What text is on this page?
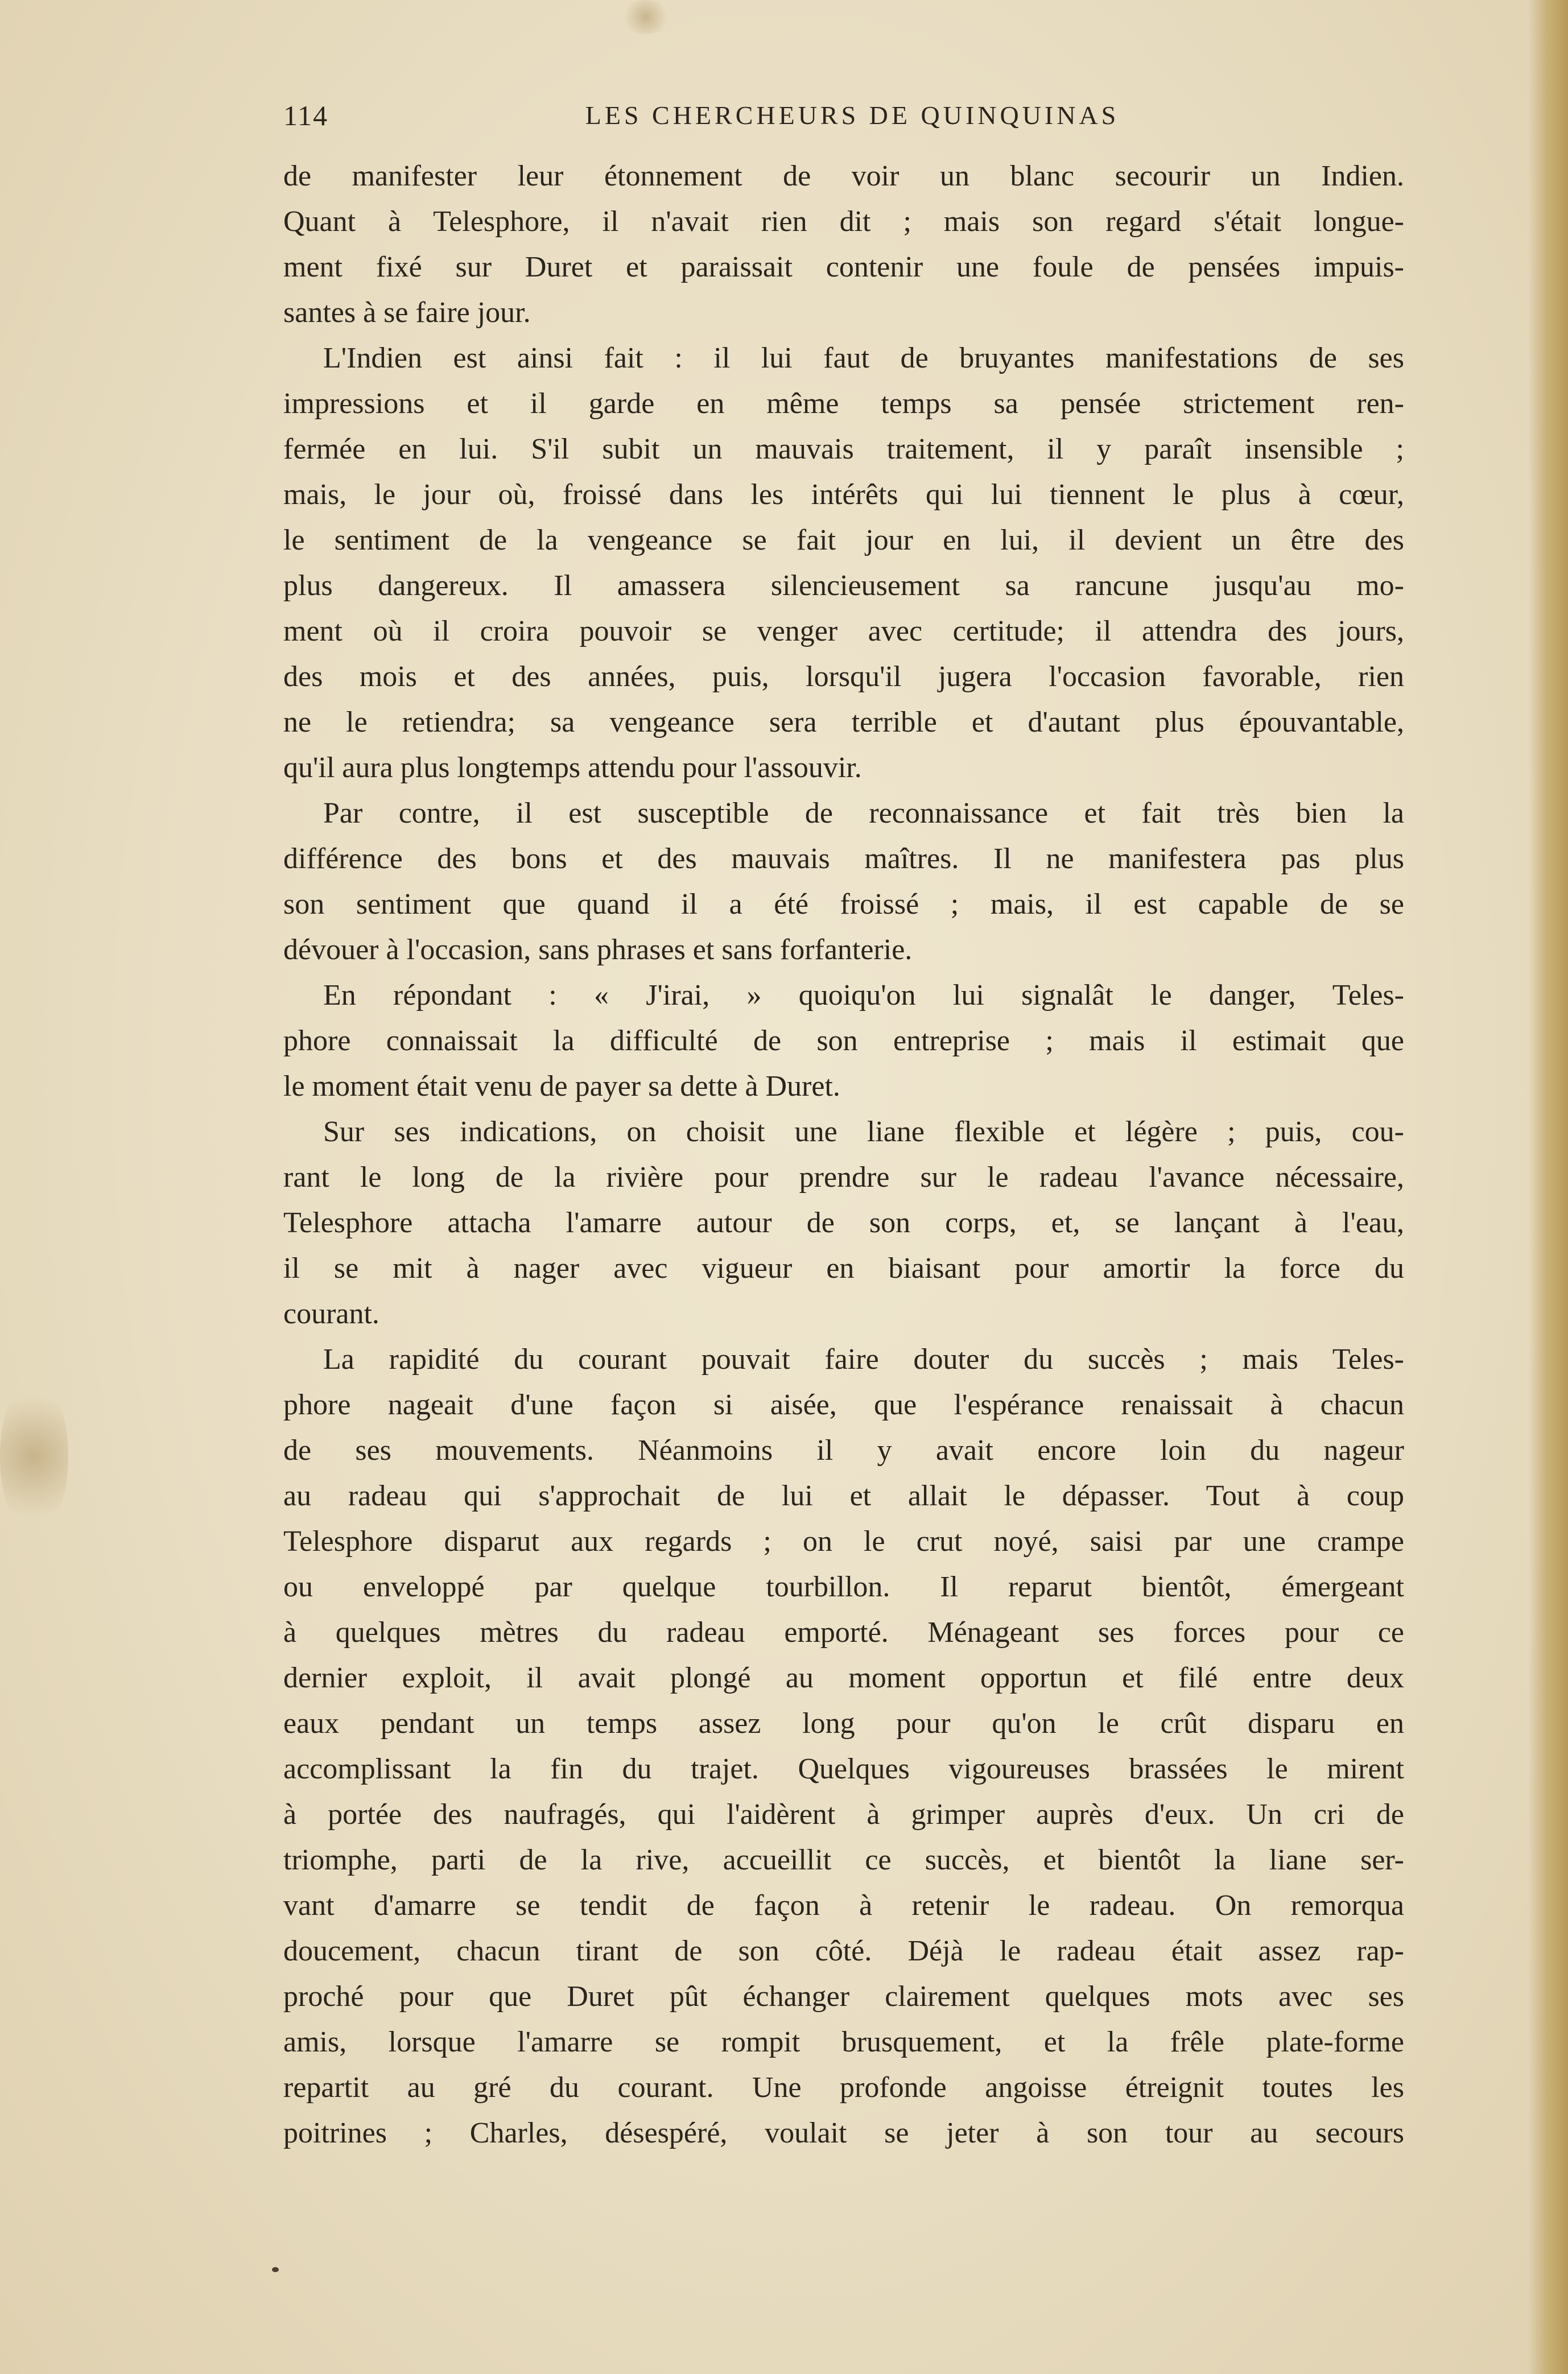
114	LES CHERCHEURS DE QUINQUINAS
de manifester leur étonnement de voir un blanc secourir un Indien.
Quant à Telesphore, il n'avait rien dit ; mais son regard s'était longue-
ment fixé sur Duret et paraissait contenir une foule de pensées impuis-
santes à se faire jour.
L'Indien est ainsi fait : il lui faut de bruyantes manifestations de ses
impressions et il garde en même temps sa pensée strictement ren-
fermée en lui. S'il subit un mauvais traitement, il y paraît insensible ;
mais, le jour où, froissé dans les intérêts qui lui tiennent le plus à cœur,
le sentiment de la vengeance se fait jour en lui, il devient un être des
plus dangereux. Il amassera silencieusement sa rancune jusqu'au mo-
ment où il croira pouvoir se venger avec certitude; il attendra des jours,
des mois et des années, puis, lorsqu'il jugera l'occasion favorable, rien
ne le retiendra; sa vengeance sera terrible et d'autant plus épouvantable,
qu'il aura plus longtemps attendu pour l'assouvir.
Par contre, il est susceptible de reconnaissance et fait très bien la
différence des bons et des mauvais maîtres. Il ne manifestera pas plus
son sentiment que quand il a été froissé ; mais, il est capable de se
dévouer à l'occasion, sans phrases et sans forfanterie.
En répondant : « J'irai, » quoiqu'on lui signalât le danger, Teles-
phore connaissait la difficulté de son entreprise ; mais il estimait que
le moment était venu de payer sa dette à Duret.
Sur ses indications, on choisit une liane flexible et légère ; puis, cou-
rant le long de la rivière pour prendre sur le radeau l'avance nécessaire,
Telesphore attacha l'amarre autour de son corps, et, se lançant à l'eau,
il se mit à nager avec vigueur en biaisant pour amortir la force du
courant.
La rapidité du courant pouvait faire douter du succès ; mais Teles-
phore nageait d'une façon si aisée, que l'espérance renaissait à chacun
de ses mouvements. Néanmoins il y avait encore loin du nageur
au radeau qui s'approchait de lui et allait le dépasser. Tout à coup
Telesphore disparut aux regards ; on le crut noyé, saisi par une crampe
ou enveloppé par quelque tourbillon. Il reparut bientôt, émergeant
à quelques mètres du radeau emporté. Ménageant ses forces pour ce
dernier exploit, il avait plongé au moment opportun et filé entre deux
eaux pendant un temps assez long pour qu'on le crût disparu en
accomplissant la fin du trajet. Quelques vigoureuses brassées le mirent
à portée des naufragés, qui l'aidèrent à grimper auprès d'eux. Un cri de
triomphe, parti de la rive, accueillit ce succès, et bientôt la liane ser-
vant d'amarre se tendit de façon à retenir le radeau. On remorqua
doucement, chacun tirant de son côté. Déjà le radeau était assez rap-
proché pour que Duret pût échanger clairement quelques mots avec ses
amis, lorsque l'amarre se rompit brusquement, et la frêle plate-forme
repartit au gré du courant. Une profonde angoisse étreignit toutes les
poitrines ; Charles, désespéré, voulait se jeter à son tour au secours
